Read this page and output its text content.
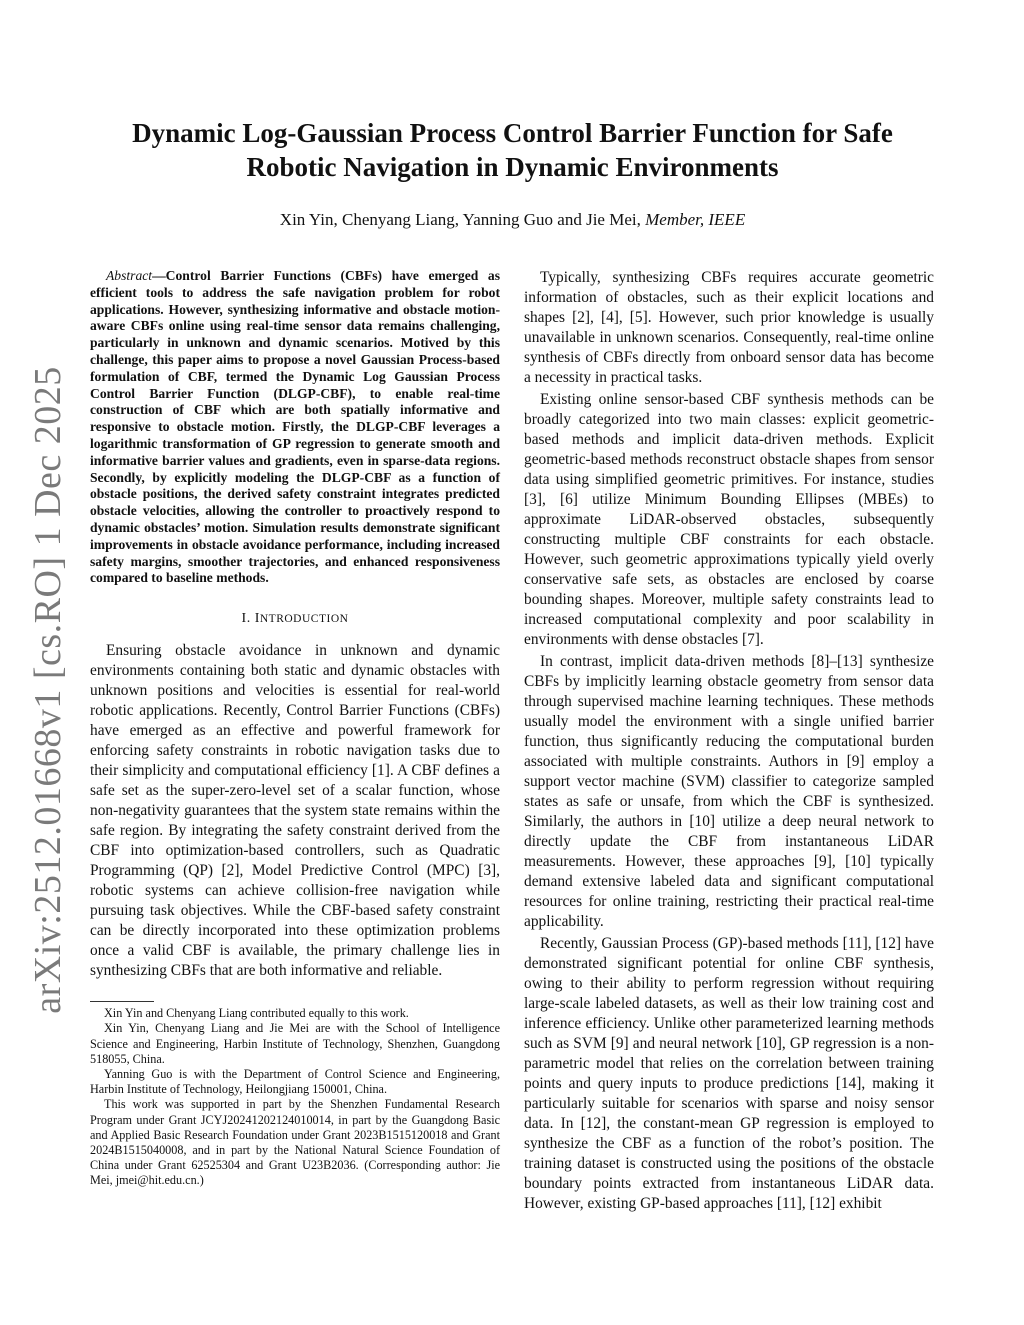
arXiv:2512.01668v1 [cs.RO] 1 Dec 2025
Dynamic Log-Gaussian Process Control Barrier Function for Safe Robotic Navigation in Dynamic Environments
Xin Yin, Chenyang Liang, Yanning Guo and Jie Mei, Member, IEEE

Abstract—Control Barrier Functions (CBFs) have emerged as efficient tools to address the safe navigation problem for robot applications. However, synthesizing informative and obstacle motion-aware CBFs online using real-time sensor data remains challenging, particularly in unknown and dynamic scenarios. Motived by this challenge, this paper aims to propose a novel Gaussian Process-based formulation of CBF, termed the Dynamic Log Gaussian Process Control Barrier Function (DLGP-CBF), to enable real-time construction of CBF which are both spatially informative and responsive to obstacle motion. Firstly, the DLGP-CBF leverages a logarithmic transformation of GP regression to generate smooth and informative barrier values and gradients, even in sparse-data regions. Secondly, by explicitly modeling the DLGP-CBF as a function of obstacle positions, the derived safety constraint integrates predicted obstacle velocities, allowing the controller to proactively respond to dynamic obstacles’ motion. Simulation results demonstrate significant improvements in obstacle avoidance performance, including increased safety margins, smoother trajectories, and enhanced responsiveness compared to baseline methods.

I. INTRODUCTION

Ensuring obstacle avoidance in unknown and dynamic environments containing both static and dynamic obstacles with unknown positions and velocities is essential for real-world robotic applications. Recently, Control Barrier Functions (CBFs) have emerged as an effective and powerful framework for enforcing safety constraints in robotic navigation tasks due to their simplicity and computational efficiency [1]. A CBF defines a safe set as the super-zero-level set of a scalar function, whose non-negativity guarantees that the system state remains within the safe region. By integrating the safety constraint derived from the CBF into optimization-based controllers, such as Quadratic Programming (QP) [2], Model Predictive Control (MPC) [3], robotic systems can achieve collision-free navigation while pursuing task objectives. While the CBF-based safety constraint can be directly incorporated into these optimization problems once a valid CBF is available, the primary challenge lies in synthesizing CBFs that are both informative and reliable.

Xin Yin and Chenyang Liang contributed equally to this work.

Xin Yin, Chenyang Liang and Jie Mei are with the School of Intelligence Science and Engineering, Harbin Institute of Technology, Shenzhen, Guangdong 518055, China.

Yanning Guo is with the Department of Control Science and Engineering, Harbin Institute of Technology, Heilongjiang 150001, China.

This work was supported in part by the Shenzhen Fundamental Research Program under Grant JCYJ20241202124010014, in part by the Guangdong Basic and Applied Basic Research Foundation under Grant 2023B1515120018 and Grant 2024B1515040008, and in part by the National Natural Science Foundation of China under Grant 62525304 and Grant U23B2036. (Corresponding author: Jie Mei, jmei@hit.edu.cn.)

Typically, synthesizing CBFs requires accurate geometric information of obstacles, such as their explicit locations and shapes [2], [4], [5]. However, such prior knowledge is usually unavailable in unknown scenarios. Consequently, real-time online synthesis of CBFs directly from onboard sensor data has become a necessity in practical tasks.

Existing online sensor-based CBF synthesis methods can be broadly categorized into two main classes: explicit geometric-based methods and implicit data-driven methods. Explicit geometric-based methods reconstruct obstacle shapes from sensor data using simplified geometric primitives. For instance, studies [3], [6] utilize Minimum Bounding Ellipses (MBEs) to approximate LiDAR-observed obstacles, subsequently constructing multiple CBF constraints for each obstacle. However, such geometric approximations typically yield overly conservative safe sets, as obstacles are enclosed by coarse bounding shapes. Moreover, multiple safety constraints lead to increased computational complexity and poor scalability in environments with dense obstacles [7].

In contrast, implicit data-driven methods [8]–[13] synthesize CBFs by implicitly learning obstacle geometry from sensor data through supervised machine learning techniques. These methods usually model the environment with a single unified barrier function, thus significantly reducing the computational burden associated with multiple constraints. Authors in [9] employ a support vector machine (SVM) classifier to categorize sampled states as safe or unsafe, from which the CBF is synthesized. Similarly, the authors in [10] utilize a deep neural network to directly update the CBF from instantaneous LiDAR measurements. However, these approaches [9], [10] typically demand extensive labeled data and significant computational resources for online training, restricting their practical real-time applicability.

Recently, Gaussian Process (GP)-based methods [11], [12] have demonstrated significant potential for online CBF synthesis, owing to their ability to perform regression without requiring large-scale labeled datasets, as well as their low training cost and inference efficiency. Unlike other parameterized learning methods such as SVM [9] and neural network [10], GP regression is a non-parametric model that relies on the correlation between training points and query inputs to produce predictions [14], making it particularly suitable for scenarios with sparse and noisy sensor data. In [12], the constant-mean GP regression is employed to synthesize the CBF as a function of the robot’s position. The training dataset is constructed using the positions of the obstacle boundary points extracted from instantaneous LiDAR data. However, existing GP-based approaches [11], [12] exhibit
